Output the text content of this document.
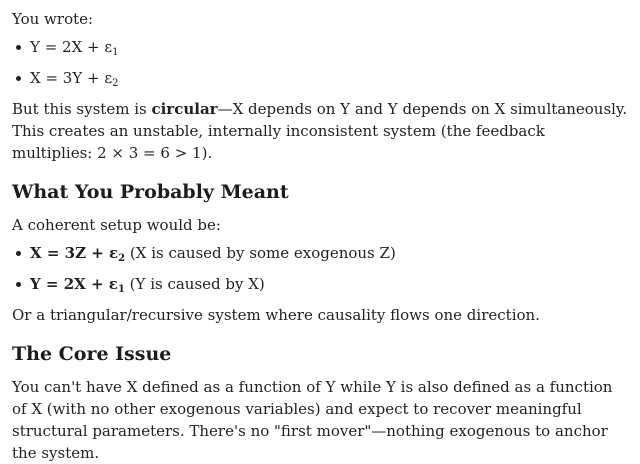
You wrote:

$Y = 2X + \varepsilon_1$
$X = 3Y + \varepsilon_2$

But this system is circular—X depends on Y and Y depends on X simultaneously. This creates an unstable, internally inconsistent system (the feedback multiplies: 2 × 3 = 6 > 1).

What You Probably Meant

A coherent setup would be:

$X = 3Z + \varepsilon_2$ (X is caused by some exogenous Z)
$Y = 2X + \varepsilon_1$ (Y is caused by X)

Or a triangular/recursive system where causality flows one direction.

The Core Issue

You can't have X defined as a function of Y while Y is also defined as a function of X (with no other exogenous variables) and expect to recover meaningful structural parameters. There's no "first mover"—nothing exogenous to anchor the system.
